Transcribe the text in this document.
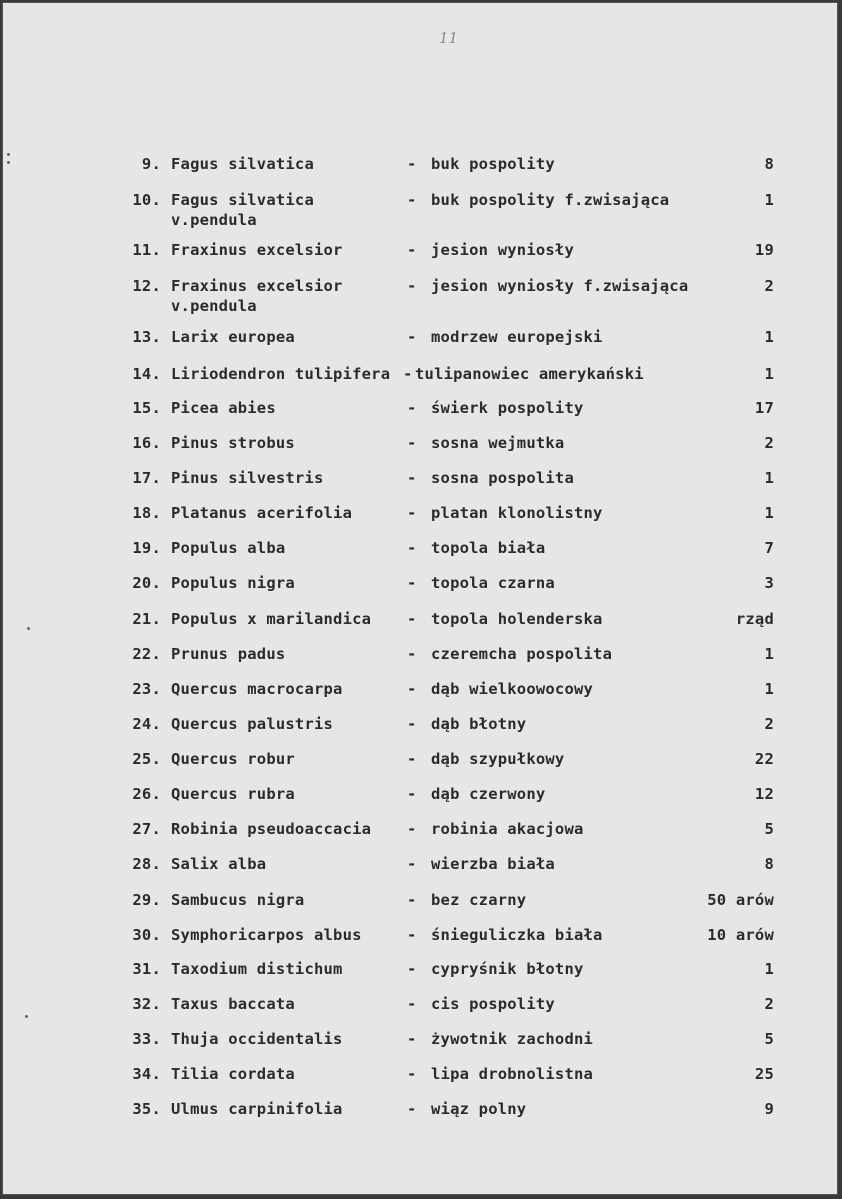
11
9. Fagus silvatica	- buk pospolity	8
10. Fagus silvatica	- buk pospolity f.zwisająca	1
v.pendula
11. Fraxinus excelsior	- jesion wyniosły	19
12. Fraxinus excelsior	- jesion wyniosły f.zwisająca	2
v.pendula
13. Larix europea	- modrzew europejski	1
14. Liriodendron tulipifera - tulipanowiec amerykański	1
15. Picea abies	- świerk pospolity	17
16. Pinus strobus	- sosna wejmutka	2
17. Pinus silvestris	- sosna pospolita	1
18. Platanus acerifolia	- platan klonolistny	1
19. Populus alba	- topola biała	7
20. Populus nigra	- topola czarna	3
21. Populus x marilandica - topola holenderska	rząd
22. Prunus padus	- czeremcha pospolita	1
23. Quercus macrocarpa	- dąb wielkoowocowy	1
24. Quercus palustris	- dąb błotny	2
25. Quercus robur	- dąb szypułkowy	22
26. Quercus rubra	- dąb czerwony	12
27. Robinia pseudoaccacia - robinia akacjowa	5
28. Salix alba	- wierzba biała	8
29. Sambucus nigra	- bez czarny	50 arów
30. Symphoricarpos albus	- śnieguliczka biała	10 arów
31. Taxodium distichum	- cypryśnik błotny	1
32. Taxus baccata	- cis pospolity	2
33. Thuja occidentalis	- żywotnik zachodni	5
34. Tilia cordata	- lipa drobnolistna	25
35. Ulmus carpinifolia	- wiąz polny	9
